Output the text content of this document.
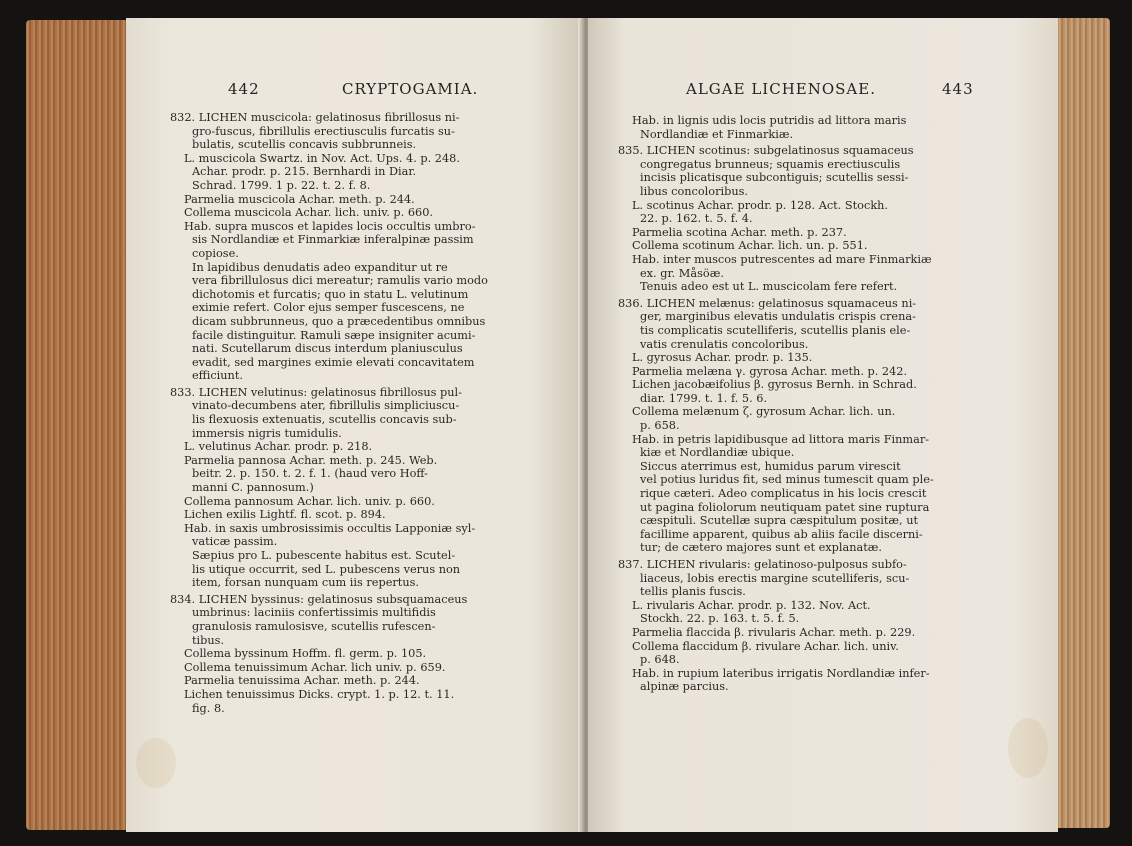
442	CRYPTOGAMIA.
832. LICHEN muscicola: gelatinosus fibrillosus ni-
gro-fuscus, fibrillulis erectiusculis furcatis su-
bulatis, scutellis concavis subbrunneis.
L. muscicola Swartz. in Nov. Act. Ups. 4. p. 248.
Achar. prodr. p. 215. Bernhardi in Diar.
Schrad. 1799. 1 p. 22. t. 2. f. 8.
Parmelia muscicola Achar. meth. p. 244.
Collema muscicola Achar. lich. univ. p. 660.
Hab. supra muscos et lapides locis occultis umbro-
sis Nordlandiæ et Finmarkiæ inferalpinæ passim
copiose.
In lapidibus denudatis adeo expanditur ut re
vera fibrillulosus dici mereatur; ramulis vario modo
dichotomis et furcatis; quo in statu L. velutinum
eximie refert. Color ejus semper fuscescens, ne
dicam subbrunneus, quo a præcedentibus omnibus
facile distinguitur. Ramuli sæpe insigniter acumi-
nati. Scutellarum discus interdum planiusculus
evadit, sed margines eximie elevati concavitatem
efficiunt.
833. LICHEN velutinus: gelatinosus fibrillosus pul-
vinato-decumbens ater, fibrillulis simpliciuscu-
lis flexuosis extenuatis, scutellis concavis sub-
immersis nigris tumidulis.
L. velutinus Achar. prodr. p. 218.
Parmelia pannosa Achar. meth. p. 245. Web.
beitr. 2. p. 150. t. 2. f. 1. (haud vero Hoff-
manni C. pannosum.)
Collema pannosum Achar. lich. univ. p. 660.
Lichen exilis Lightf. fl. scot. p. 894.
Hab. in saxis umbrosissimis occultis Lapponiæ syl-
vaticæ passim.
Sæpius pro L. pubescente habitus est. Scutel-
lis utique occurrit, sed L. pubescens verus non
item, forsan nunquam cum iis repertus.
834. LICHEN byssinus: gelatinosus subsquamaceus
umbrinus: laciniis confertissimis multifidis
granulosis ramulosisve, scutellis rufescen-
tibus.
Collema byssinum Hoffm. fl. germ. p. 105.
Collema tenuissimum Achar. lich univ. p. 659.
Parmelia tenuissima Achar. meth. p. 244.
Lichen tenuissimus Dicks. crypt. 1. p. 12. t. 11.
fig. 8.
ALGAE LICHENOSAE.	443
Hab. in lignis udis locis putridis ad littora maris
Nordlandiæ et Finmarkiæ.
835. LICHEN scotinus: subgelatinosus squamaceus
congregatus brunneus; squamis erectiusculis
incisis plicatisque subcontiguis; scutellis sessi-
libus concoloribus.
L. scotinus Achar. prodr. p. 128. Act. Stockh.
22. p. 162. t. 5. f. 4.
Parmelia scotina Achar. meth. p. 237.
Collema scotinum Achar. lich. un. p. 551.
Hab. inter muscos putrescentes ad mare Finmarkiæ
ex. gr. Måsöæ.
Tenuis adeo est ut L. muscicolam fere refert.
836. LICHEN melænus: gelatinosus squamaceus ni-
ger, marginibus elevatis undulatis crispis crena-
tis complicatis scutelliferis, scutellis planis ele-
vatis crenulatis concoloribus.
L. gyrosus Achar. prodr. p. 135.
Parmelia melæna γ. gyrosa Achar. meth. p. 242.
Lichen jacobæifolius β. gyrosus Bernh. in Schrad.
diar. 1799. t. 1. f. 5. 6.
Collema melænum ζ. gyrosum Achar. lich. un.
p. 658.
Hab. in petris lapidibusque ad littora maris Finmar-
kiæ et Nordlandiæ ubique.
Siccus aterrimus est, humidus parum virescit
vel potius luridus fit, sed minus tumescit quam ple-
rique cæteri. Adeo complicatus in his locis crescit
ut pagina foliolorum neutiquam patet sine ruptura
cæspituli. Scutellæ supra cæspitulum positæ, ut
facillime apparent, quibus ab aliis facile discerni-
tur; de cætero majores sunt et explanatæ.
837. LICHEN rivularis: gelatinoso-pulposus subfo-
liaceus, lobis erectis margine scutelliferis, scu-
tellis planis fuscis.
L. rivularis Achar. prodr. p. 132. Nov. Act.
Stockh. 22. p. 163. t. 5. f. 5.
Parmelia flaccida β. rivularis Achar. meth. p. 229.
Collema flaccidum β. rivulare Achar. lich. univ.
p. 648.
Hab. in rupium lateribus irrigatis Nordlandiæ infer-
alpinæ parcius.
